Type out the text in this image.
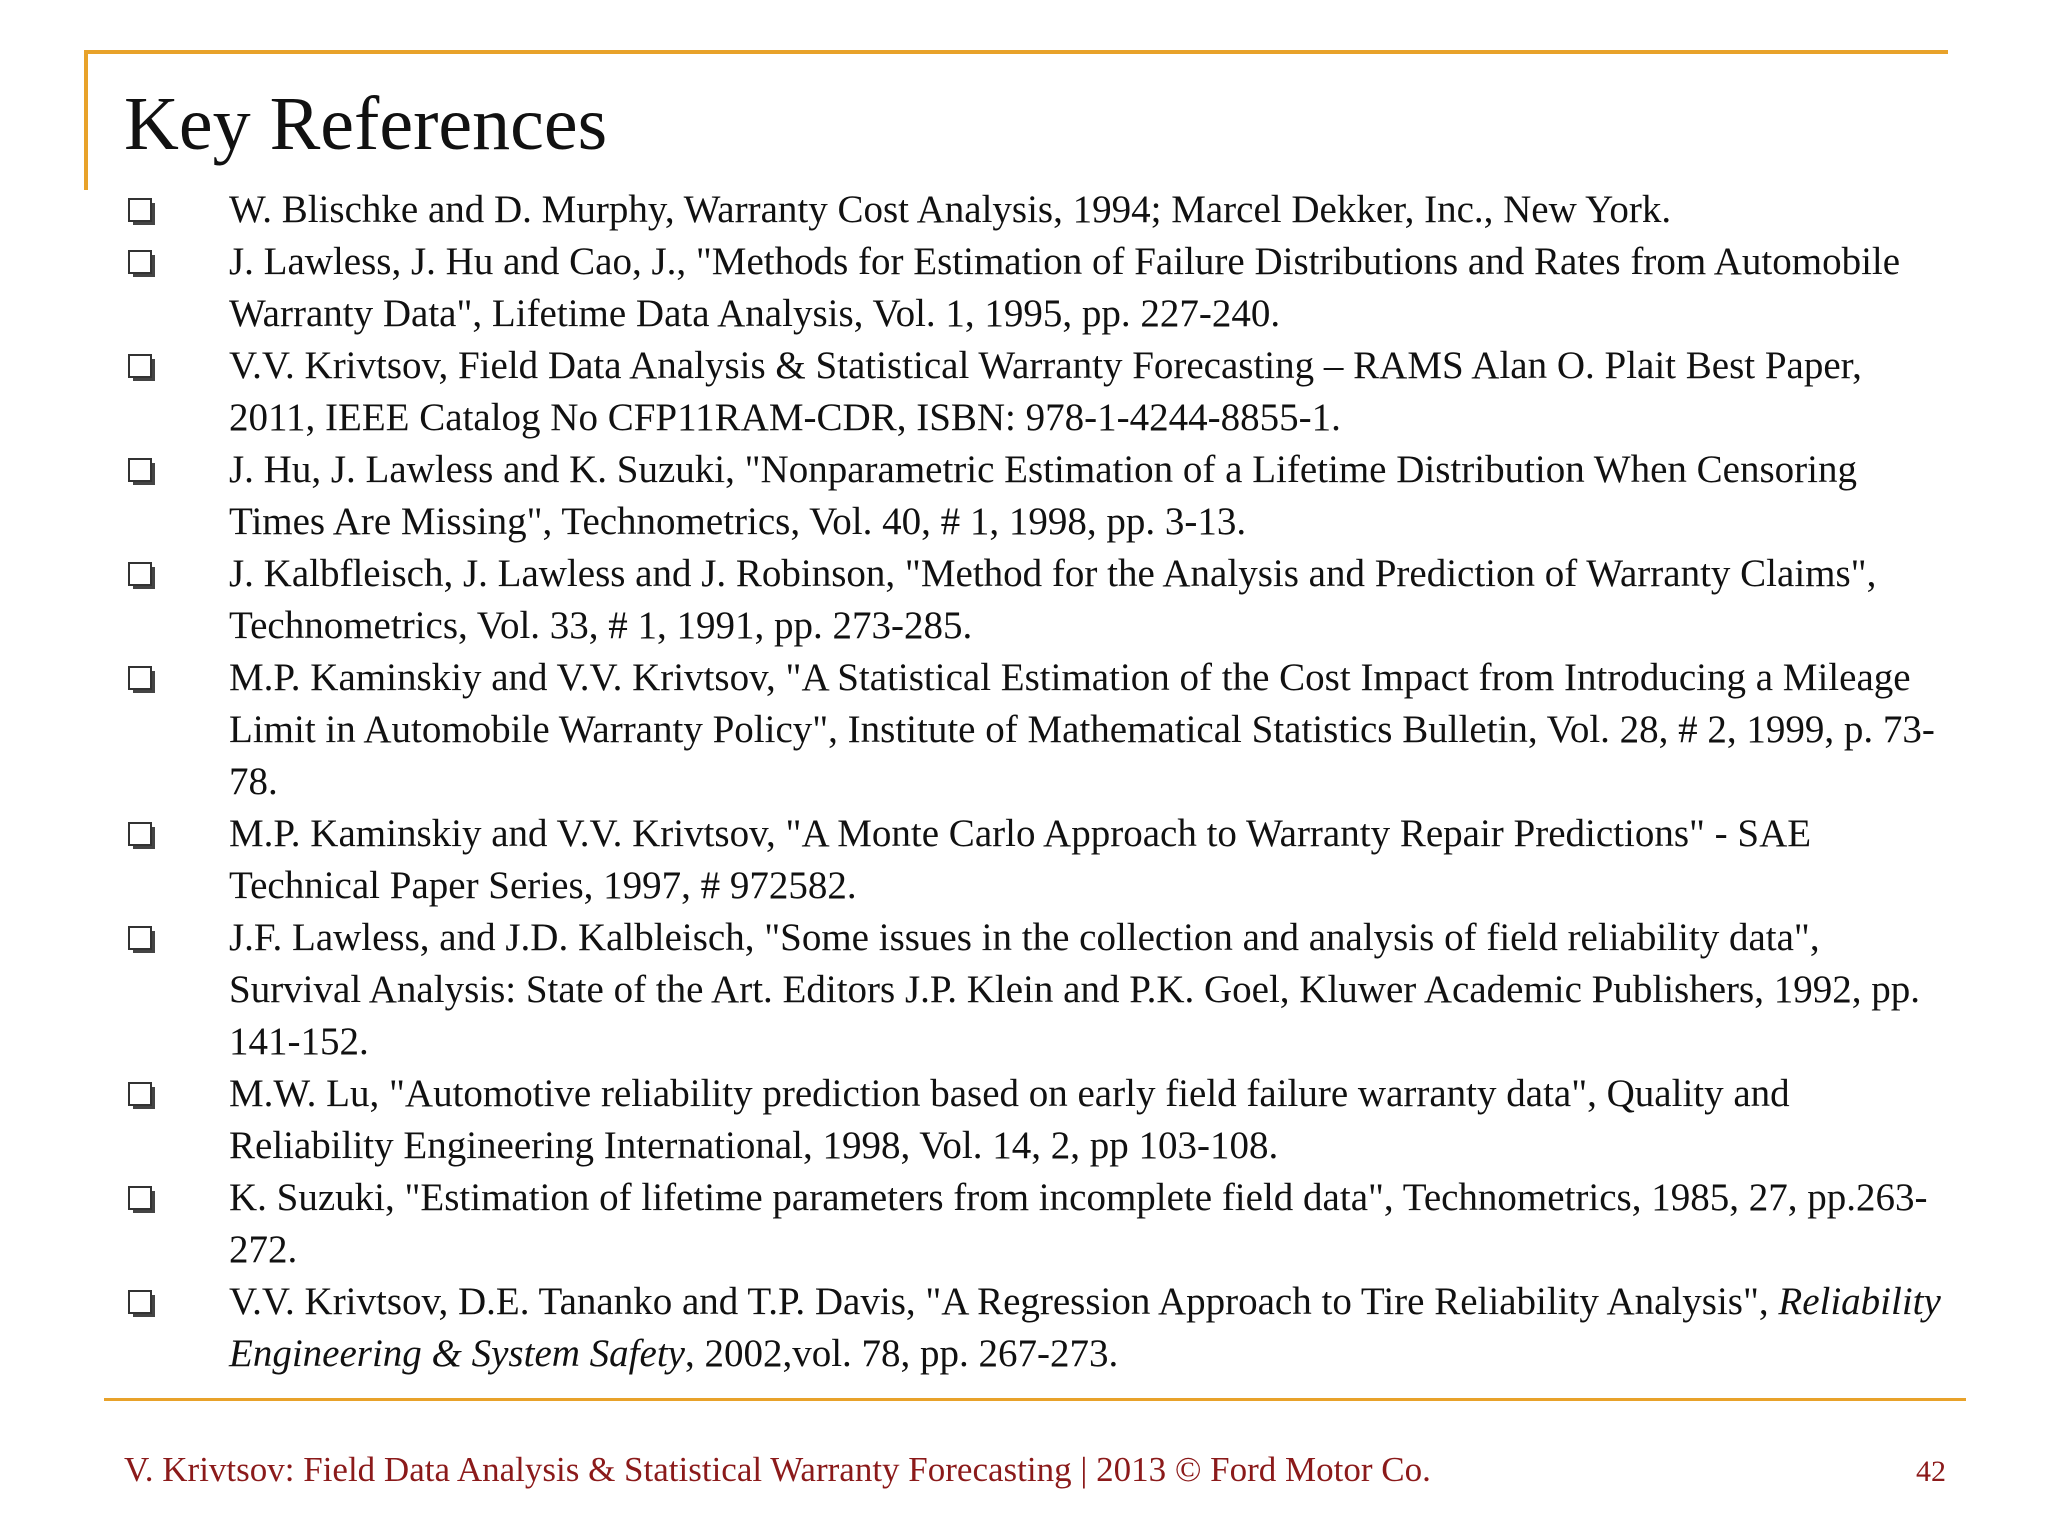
Key References
W. Blischke and D. Murphy, Warranty Cost Analysis, 1994; Marcel Dekker, Inc., New York.
J. Lawless, J. Hu and Cao, J., "Methods for Estimation of Failure Distributions and Rates from Automobile Warranty Data", Lifetime Data Analysis, Vol. 1, 1995, pp. 227-240.
V.V. Krivtsov, Field Data Analysis & Statistical Warranty Forecasting – RAMS Alan O. Plait Best Paper, 2011, IEEE Catalog No CFP11RAM-CDR, ISBN: 978-1-4244-8855-1.
J. Hu, J. Lawless and K. Suzuki, "Nonparametric Estimation of a Lifetime Distribution When Censoring Times Are Missing", Technometrics, Vol. 40, # 1, 1998, pp. 3-13.
J. Kalbfleisch, J. Lawless and J. Robinson, "Method for the Analysis and Prediction of Warranty Claims", Technometrics, Vol. 33, # 1, 1991, pp. 273-285.
M.P. Kaminskiy and V.V. Krivtsov, "A Statistical Estimation of the Cost Impact from Introducing a Mileage Limit in Automobile Warranty Policy", Institute of Mathematical Statistics Bulletin, Vol. 28, # 2, 1999, p. 73-78.
M.P. Kaminskiy and V.V. Krivtsov, "A Monte Carlo Approach to Warranty Repair Predictions" - SAE Technical Paper Series, 1997, # 972582.
J.F. Lawless, and J.D. Kalbleisch, "Some issues in the collection and analysis of field reliability data", Survival Analysis: State of the Art. Editors J.P. Klein and P.K. Goel, Kluwer Academic Publishers, 1992, pp. 141-152.
M.W. Lu, "Automotive reliability prediction based on early field failure warranty data", Quality and Reliability Engineering International, 1998, Vol. 14, 2, pp 103-108.
K. Suzuki, "Estimation of lifetime parameters from incomplete field data", Technometrics, 1985, 27, pp.263-272.
V.V. Krivtsov, D.E. Tananko and T.P. Davis, "A Regression Approach to Tire Reliability Analysis", Reliability Engineering & System Safety, 2002,vol. 78, pp. 267-273.
V. Krivtsov: Field Data Analysis & Statistical Warranty Forecasting | 2013 © Ford Motor Co.	42
